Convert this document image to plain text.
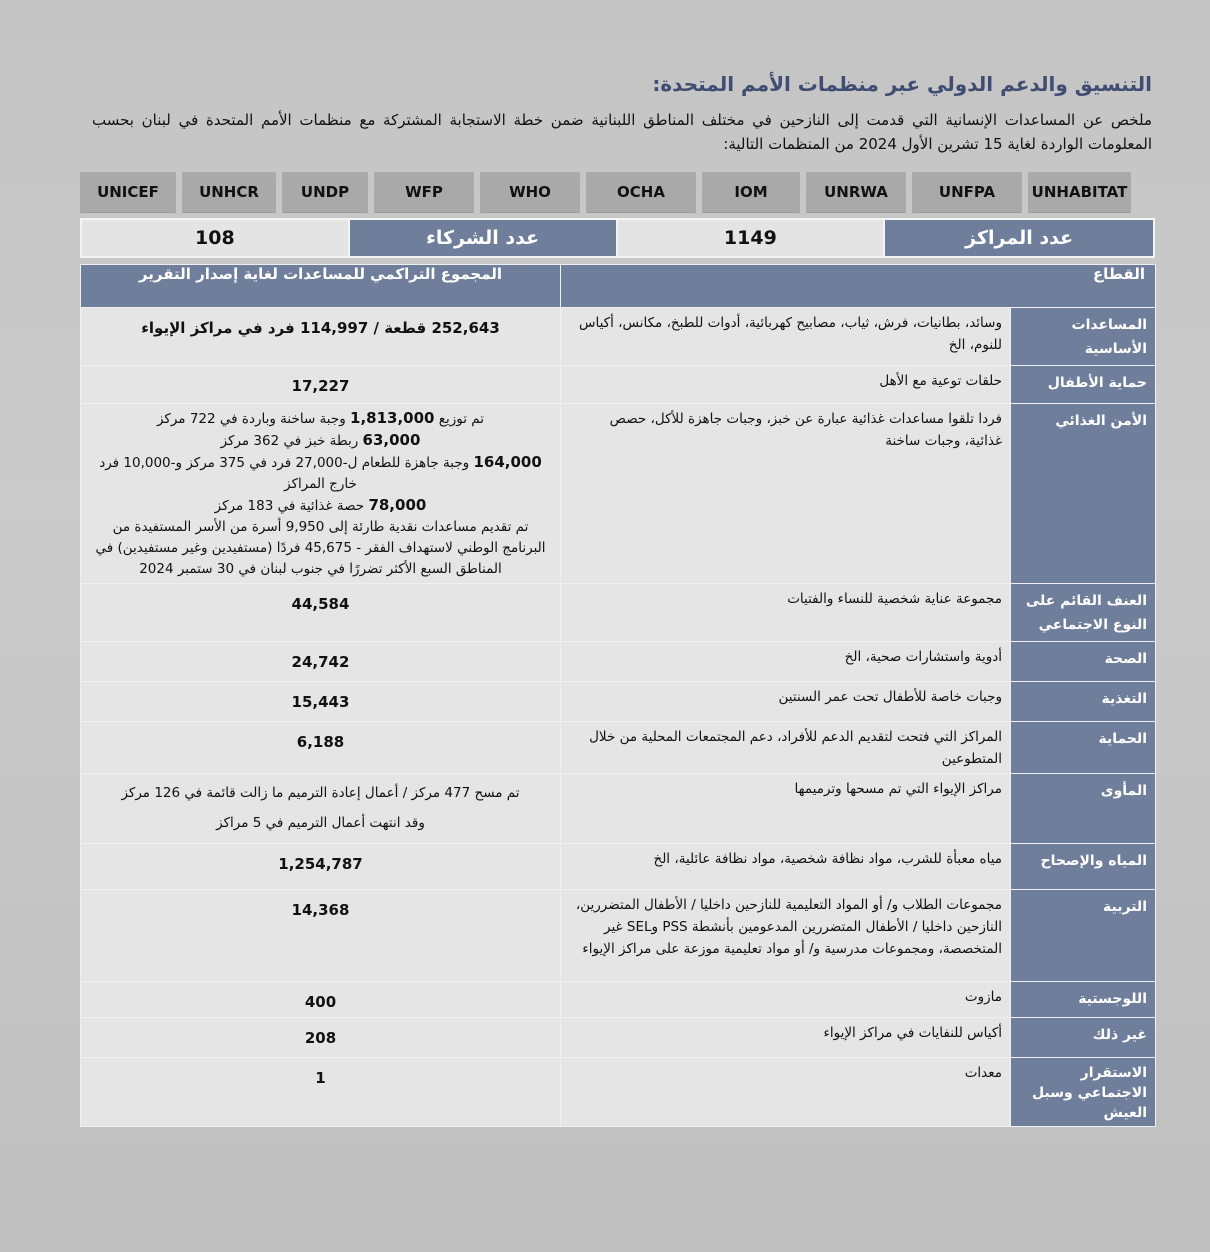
التنسيق والدعم الدولي عبر منظمات الأمم المتحدة:
ملخص عن المساعدات الإنسانية التي قدمت إلى النازحين في مختلف المناطق اللبنانية ضمن خطة الاستجابة المشتركة مع منظمات الأمم المتحدة في لبنان بحسب المعلومات الواردة لغاية 15 تشرين الأول 2024 من المنظمات التالية:
UNICEF	UNHCR	UNDP	WFP	WHO	OCHA	IOM	UNRWA	UNFPA	UNHABITAT
108	عدد الشركاء	1149	عدد المراكز
القطاع		المجموع التراكمي للمساعدات لغاية إصدار التقرير
المساعدات الأساسية	وسائد، بطانيات، فرش، ثياب، مصابيح كهربائية، أدوات للطبخ، مكانس، أكياس للنوم، الخ	252,643 قطعة / 114,997 فرد في مراكز الإيواء

حماية الأطفال	حلقات توعية مع الأهل	17,227

الأمن الغذائي	فردا تلقوا مساعدات غذائية عبارة عن خبز، وجبات جاهزة للأكل، حصص غذائية، وجبات ساخنة	تم توزيع 1,813,000 وجبة ساخنة وباردة في 722 مركز
63,000 ربطة خبز في 362 مركز
164,000 وجبة جاهزة للطعام ل-27,000 فرد في 375 مركز و-10,000 فرد خارج المراكز
78,000 حصة غذائية في 183 مركز
تم تقديم مساعدات نقدية طارئة إلى 9,950 أسرة من الأسر المستفيدة من البرنامج الوطني لاستهداف الفقر - 45,675 فردًا (مستفيدين وغير مستفيدين) في المناطق السبع الأكثر تضررًا في جنوب لبنان في 30 ستمبر 2024

العنف القائم على النوع الاجتماعي	مجموعة عناية شخصية للنساء والفتيات	44,584

الصحة	أدوية واستشارات صحية، الخ	24,742

التغذية	وجبات خاصة للأطفال تحت عمر السنتين	15,443

الحماية	المراكز التي فتحت لتقديم الدعم للأفراد، دعم المجتمعات المحلية من خلال المتطوعين	6,188

المأوى	مراكز الإيواء التي تم مسحها وترميمها	تم مسح 477 مركز / أعمال إعادة الترميم ما زالت قائمة في 126 مركز
وقد انتهت أعمال الترميم في 5 مراكز

المياه والإصحاح	مياه معبأة للشرب، مواد نظافة شخصية، مواد نظافة عائلية، الخ	1,254,787

التربية	مجموعات الطلاب و/ أو المواد التعليمية للنازحين داخليا / الأطفال المتضررين، النازحين داخليا / الأطفال المتضررين المدعومين بأنشطة PSS وSEL غير المتخصصة، ومجموعات مدرسية و/ أو مواد تعليمية موزعة على مراكز الإيواء	14,368

اللوجستية	مازوت	400

غير ذلك	أكياس للنفايات في مراكز الإيواء	208

الاستقرار الاجتماعي وسبل العيش	معدات	1
